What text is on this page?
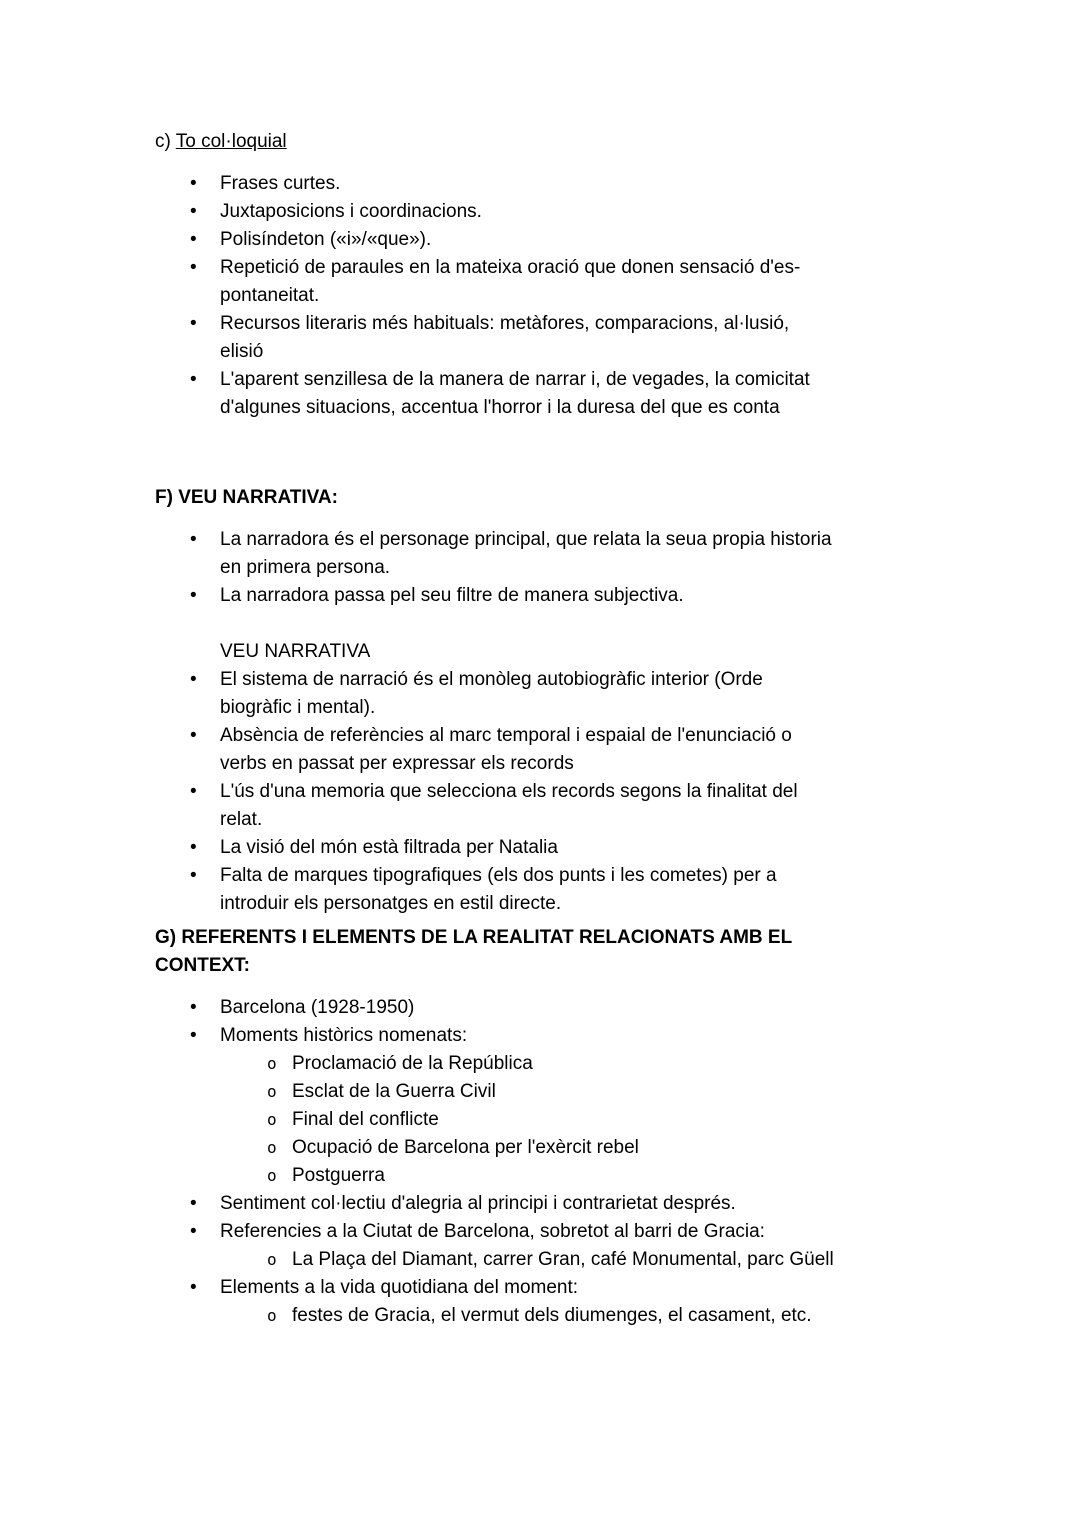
c) To col·loquial
•	Frases curtes.
•	Juxtaposicions i coordinacions.
•	Polisíndeton («i»/«que»).
•	Repetició de paraules en la mateixa oració que donen sensació d'es-
pontaneitat.
•	Recursos literaris més habituals: metàfores, comparacions, al·lusió,
elisió
•	L'aparent senzillesa de la manera de narrar i, de vegades, la comicitat
d'algunes situacions, accentua l'horror i la duresa del que es conta
F) VEU NARRATIVA:
•	La narradora és el personage principal, que relata la seua propia historia
en primera persona.
•	La narradora passa pel seu filtre de manera subjectiva.
VEU NARRATIVA
•	El sistema de narració és el monòleg autobiogràfic interior (Orde
biogràfic i mental).
•	Absència de referències al marc temporal i espaial de l'enunciació o
verbs en passat per expressar els records
•	L'ús d'una memoria que selecciona els records segons la finalitat del
relat.
•	La visió del món està filtrada per Natalia
•	Falta de marques tipografiques (els dos punts i les cometes) per a
introduir els personatges en estil directe.
G) REFERENTS I ELEMENTS DE LA REALITAT RELACIONATS AMB EL
CONTEXT:
•	Barcelona (1928-1950)
•	Moments històrics nomenats:
o Proclamació de la República
o Esclat de la Guerra Civil
o Final del conflicte
o Ocupació de Barcelona per l'exèrcit rebel
o Postguerra
•	Sentiment col·lectiu d'alegria al principi i contrarietat després.
•	Referencies a la Ciutat de Barcelona, sobretot al barri de Gracia:
o La Plaça del Diamant, carrer Gran, café Monumental, parc Güell
•	Elements a la vida quotidiana del moment:
o festes de Gracia, el vermut dels diumenges, el casament, etc.
